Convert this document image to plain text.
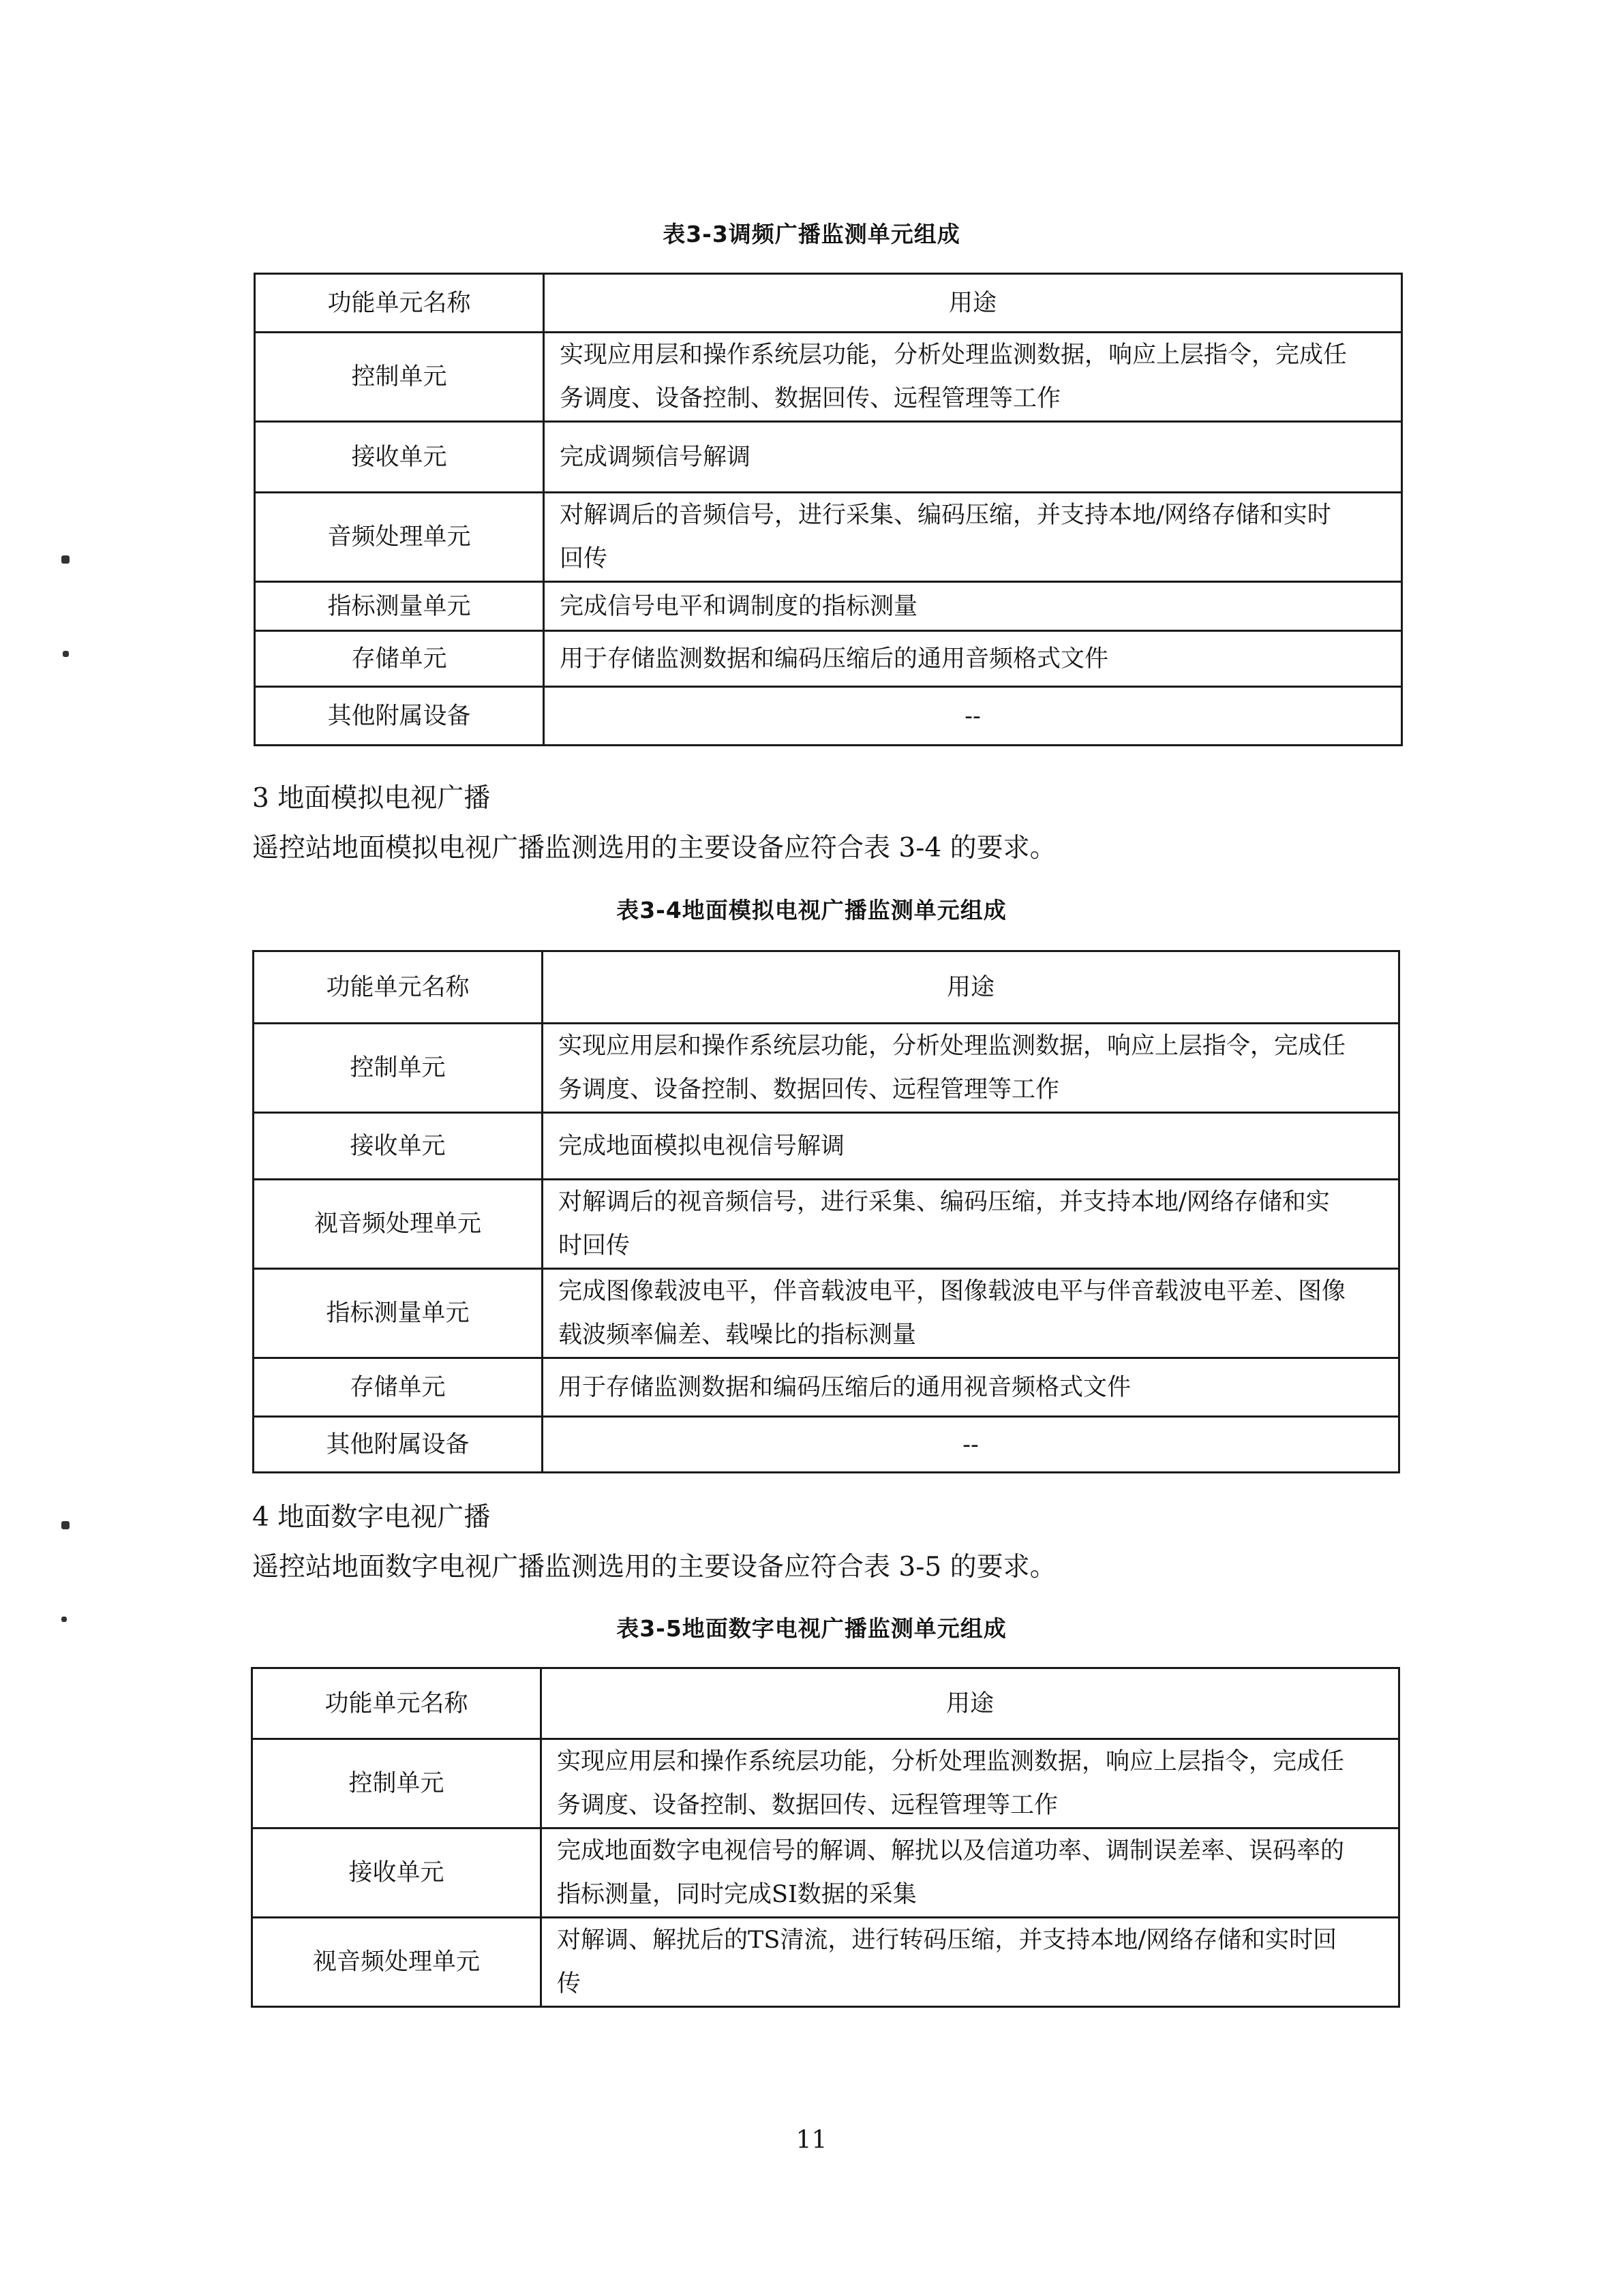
表3-3调频广播监测单元组成
功能单元名称	用途
控制单元	实现应用层和操作系统层功能，分析处理监测数据，响应上层指令，完成任
务调度、设备控制、数据回传、远程管理等工作

接收单元	完成调频信号解调

音频处理单元	对解调后的音频信号，进行采集、编码压缩，并支持本地/网络存储和实时
回传

指标测量单元	完成信号电平和调制度的指标测量

存储单元	用于存储监测数据和编码压缩后的通用音频格式文件

其他附属设备	--
3 地面模拟电视广播
遥控站地面模拟电视广播监测选用的主要设备应符合表 3-4 的要求。
表3-4地面模拟电视广播监测单元组成
功能单元名称	用途
控制单元	实现应用层和操作系统层功能，分析处理监测数据，响应上层指令，完成任
务调度、设备控制、数据回传、远程管理等工作

接收单元	完成地面模拟电视信号解调

视音频处理单元	对解调后的视音频信号，进行采集、编码压缩，并支持本地/网络存储和实
时回传

指标测量单元	完成图像载波电平，伴音载波电平，图像载波电平与伴音载波电平差、图像
载波频率偏差、载噪比的指标测量

存储单元	用于存储监测数据和编码压缩后的通用视音频格式文件

其他附属设备	--
4 地面数字电视广播
遥控站地面数字电视广播监测选用的主要设备应符合表 3-5 的要求。
表3-5地面数字电视广播监测单元组成
功能单元名称	用途
控制单元	实现应用层和操作系统层功能，分析处理监测数据，响应上层指令，完成任
务调度、设备控制、数据回传、远程管理等工作

接收单元	完成地面数字电视信号的解调、解扰以及信道功率、调制误差率、误码率的
指标测量，同时完成SI数据的采集

视音频处理单元	对解调、解扰后的TS清流，进行转码压缩，并支持本地/网络存储和实时回
传
11
